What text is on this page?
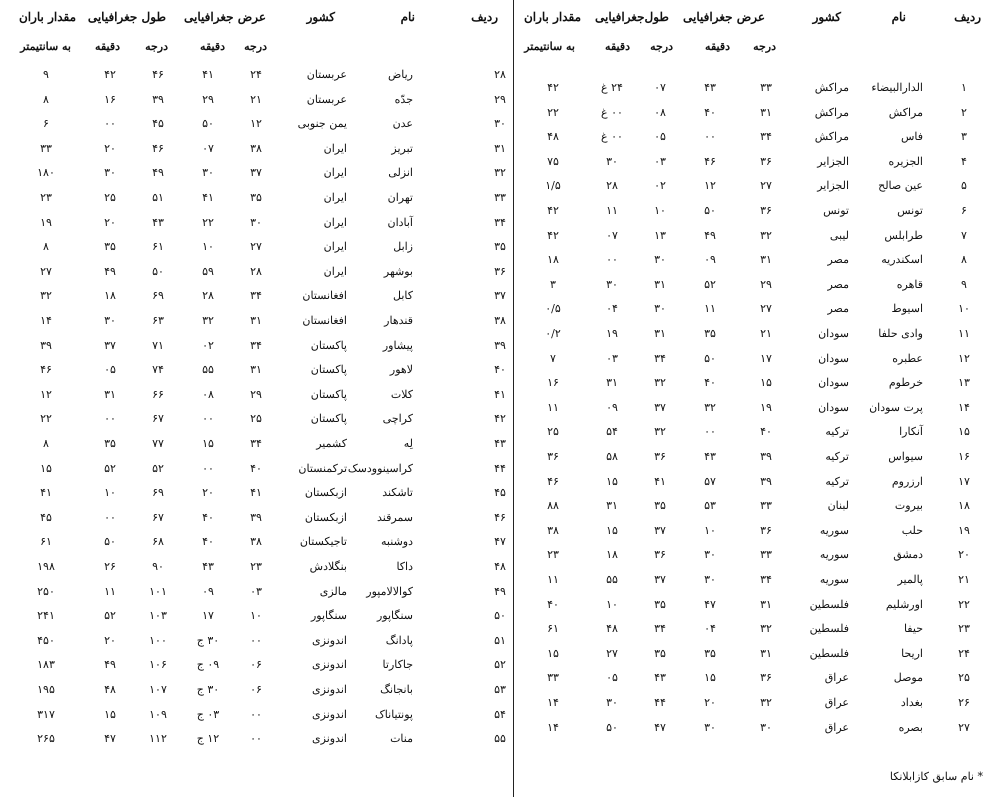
ردیف
نام
کشور
عرض جغرافیایی
طول‌جغرافیایی
مقدار باران
درجه
دقیقه
درجه
دقیقه
به سانتیمتر
ردیف
نام
کشور
عرض جغرافیایی
طول جغرافیایی
مقدار باران
درجه
دقیقه
درجه
دقیقه
به سانتیمتر
۱
الدارالبیضاء
مراکش
۳۳
۴۳
۰۷
۲۴ غ
۴۲
۲
مراکش
مراکش
۳۱
۴۰
۰۸
۰۰ غ
۲۲
۳
فاس
مراکش
۳۴
۰۰
۰۵
۰۰ غ
۴۸
۴
الجزیره
الجزایر
۳۶
۴۶
۰۳
۳۰
۷۵
۵
عین صالح
الجزایر
۲۷
۱۲
۰۲
۲۸
۱/۵
۶
تونس
تونس
۳۶
۵۰
۱۰
۱۱
۴۲
۷
طرابلس
لیبی
۳۲
۴۹
۱۳
۰۷
۴۲
۸
اسکندریه
مصر
۳۱
۰۹
۳۰
۰۰
۱۸
۹
قاهره
مصر
۲۹
۵۲
۳۱
۳۰
۳
۱۰
اسیوط
مصر
۲۷
۱۱
۳۰
۰۴
۰/۵
۱۱
وادی حلفا
سودان
۲۱
۳۵
۳۱
۱۹
۰/۲
۱۲
عطبره
سودان
۱۷
۵۰
۳۴
۰۳
۷
۱۳
خرطوم
سودان
۱۵
۴۰
۳۲
۳۱
۱۶
۱۴
پرت سودان
سودان
۱۹
۳۲
۳۷
۰۹
۱۱
۱۵
آنکارا
ترکیه
۴۰
۰۰
۳۲
۵۴
۲۵
۱۶
سیواس
ترکیه
۳۹
۴۳
۳۶
۵۸
۳۶
۱۷
ارزروم
ترکیه
۳۹
۵۷
۴۱
۱۵
۴۶
۱۸
بیروت
لبنان
۳۳
۵۳
۳۵
۳۱
۸۸
۱۹
حلب
سوریه
۳۶
۱۰
۳۷
۱۵
۳۸
۲۰
دمشق
سوریه
۳۳
۳۰
۳۶
۱۸
۲۳
۲۱
پالمیر
سوریه
۳۴
۳۰
۳۷
۵۵
۱۱
۲۲
اورشلیم
فلسطین
۳۱
۴۷
۳۵
۱۰
۴۰
۲۳
حیفا
فلسطین
۳۲
۰۴
۳۴
۴۸
۶۱
۲۴
اریحا
فلسطین
۳۱
۳۵
۳۵
۲۷
۱۵
۲۵
موصل
عراق
۳۶
۱۵
۴۳
۰۵
۳۳
۲۶
بغداد
عراق
۳۲
۲۰
۴۴
۳۰
۱۴
۲۷
بصره
عراق
۳۰
۳۰
۴۷
۵۰
۱۴
۲۸
ریاض
عربستان
۲۴
۴۱
۴۶
۴۲
۹
۲۹
جدّه
عربستان
۲۱
۲۹
۳۹
۱۶
۸
۳۰
عدن
یمن جنوبی
۱۲
۵۰
۴۵
۰۰
۶
۳۱
تبریز
ایران
۳۸
۰۷
۴۶
۲۰
۳۳
۳۲
انزلی
ایران
۳۷
۳۰
۴۹
۳۰
۱۸۰
۳۳
تهران
ایران
۳۵
۴۱
۵۱
۲۵
۲۳
۳۴
آبادان
ایران
۳۰
۲۲
۴۳
۲۰
۱۹
۳۵
زابل
ایران
۲۷
۱۰
۶۱
۳۵
۸
۳۶
بوشهر
ایران
۲۸
۵۹
۵۰
۴۹
۲۷
۳۷
کابل
افغانستان
۳۴
۲۸
۶۹
۱۸
۳۲
۳۸
قندهار
افغانستان
۳۱
۳۲
۶۳
۳۰
۱۴
۳۹
پیشاور
پاکستان
۳۴
۰۲
۷۱
۳۷
۳۹
۴۰
لاهور
پاکستان
۳۱
۵۵
۷۴
۰۵
۴۶
۴۱
کلات
پاکستان
۲۹
۰۸
۶۶
۳۱
۱۲
۴۲
کراچی
پاکستان
۲۵
۰۰
۶۷
۰۰
۲۲
۴۳
لِه
کشمیر
۳۴
۱۵
۷۷
۳۵
۸
۴۴
کراسینوودسک
ترکمنستان
۴۰
۰۰
۵۲
۵۲
۱۵
۴۵
تاشکند
ازبکستان
۴۱
۲۰
۶۹
۱۰
۴۱
۴۶
سمرقند
ازبکستان
۳۹
۴۰
۶۷
۰۰
۴۵
۴۷
دوشنبه
تاجیکستان
۳۸
۴۰
۶۸
۵۰
۶۱
۴۸
داکا
بنگلادش
۲۳
۴۳
۹۰
۲۶
۱۹۸
۴۹
کوالالامپور
مالزی
۰۳
۰۹
۱۰۱
۱۱
۲۵۰
۵۰
سنگاپور
سنگاپور
۱۰
۱۷
۱۰۳
۵۲
۲۴۱
۵۱
پادانگ
اندونزی
۰۰
۳۰ ج
۱۰۰
۲۰
۴۵۰
۵۲
جاکارتا
اندونزی
۰۶
۰۹ ج
۱۰۶
۴۹
۱۸۳
۵۳
بانجانگ
اندونزی
۰۶
۳۰ ج
۱۰۷
۴۸
۱۹۵
۵۴
پونتیاناک
اندونزی
۰۰
۰۳ ج
۱۰۹
۱۵
۳۱۷
۵۵
منات
اندونزی
۰۰
۱۲ ج
۱۱۲
۴۷
۲۶۵
* نام سابق کازابلانکا
